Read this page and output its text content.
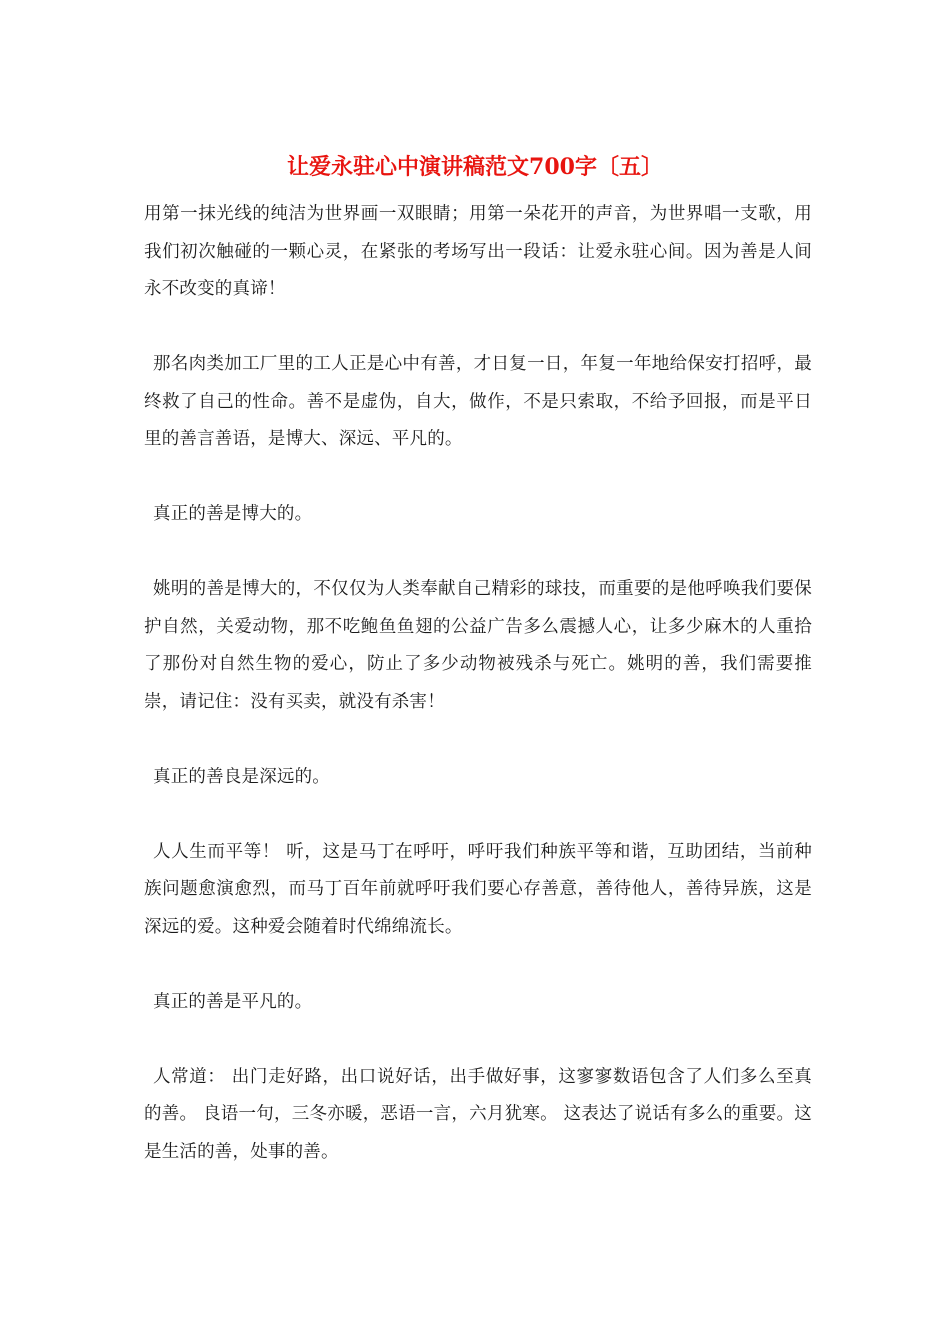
让爱永驻心中演讲稿范文700字〔五〕

用第一抹光线的纯洁为世界画一双眼睛；用第一朵花开的声音，为世界唱一支歌，用我们初次触碰的一颗心灵，在紧张的考场写出一段话：让爱永驻心间。因为善是人间永不改变的真谛！

那名肉类加工厂里的工人正是心中有善，才日复一日，年复一年地给保安打招呼，最终救了自己的性命。善不是虚伪，自大，做作，不是只索取，不给予回报，而是平日里的善言善语，是博大、深远、平凡的。

真正的善是博大的。

姚明的善是博大的，不仅仅为人类奉献自己精彩的球技，而重要的是他呼唤我们要保护自然，关爱动物，那不吃鲍鱼鱼翅的公益广告多么震撼人心，让多少麻木的人重拾了那份对自然生物的爱心，防止了多少动物被残杀与死亡。姚明的善，我们需要推崇，请记住：没有买卖，就没有杀害！

真正的善良是深远的。

人人生而平等！ 听，这是马丁在呼吁，呼吁我们种族平等和谐，互助团结，当前种族问题愈演愈烈，而马丁百年前就呼吁我们要心存善意，善待他人，善待异族，这是深远的爱。这种爱会随着时代绵绵流长。

真正的善是平凡的。

人常道： 出门走好路，出口说好话，出手做好事，这寥寥数语包含了人们多么至真的善。 良语一句，三冬亦暖，恶语一言，六月犹寒。 这表达了说话有多么的重要。这是生活的善，处事的善。
